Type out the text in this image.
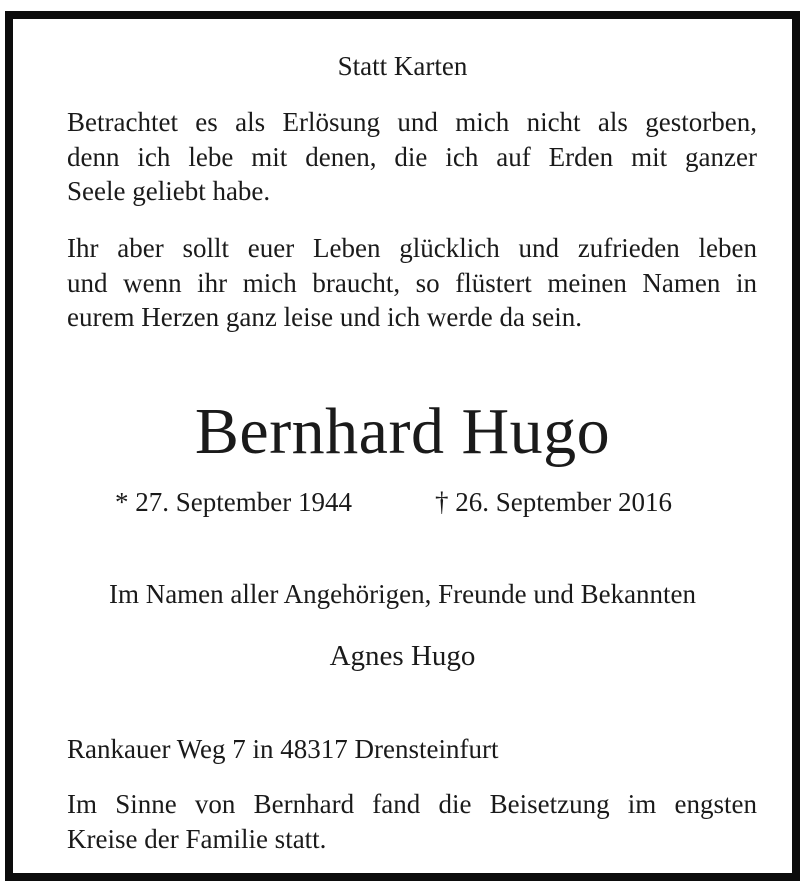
Statt Karten
Betrachtet es als Erlösung und mich nicht als gestorben,
denn ich lebe mit denen, die ich auf Erden mit ganzer
Seele geliebt habe.
Ihr aber sollt euer Leben glücklich und zufrieden leben
und wenn ihr mich braucht, so flüstert meinen Namen in
eurem Herzen ganz leise und ich werde da sein.
Bernhard Hugo
* 27. September 1944	† 26. September 2016
Im Namen aller Angehörigen, Freunde und Bekannten
Agnes Hugo
Rankauer Weg 7 in 48317 Drensteinfurt
Im Sinne von Bernhard fand die Beisetzung im engsten
Kreise der Familie statt.
